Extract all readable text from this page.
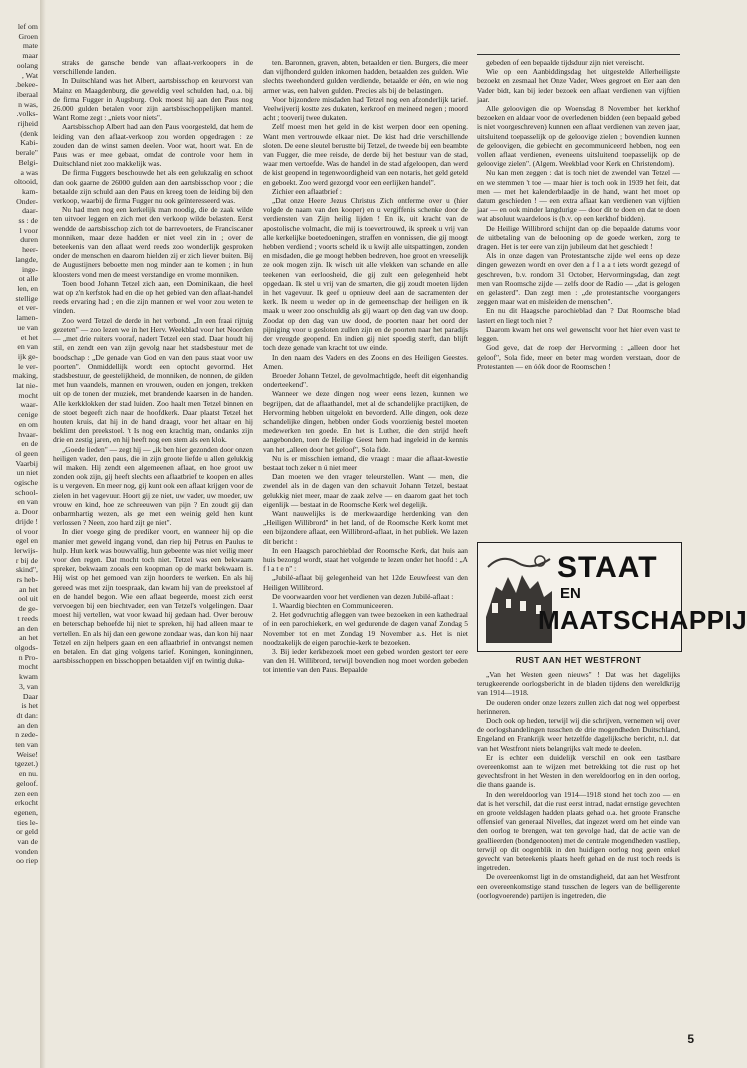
lef om

Groen

mate

maar

oolang

, Wat

.bekee-

iberaal

n was,

.volks-

rijheid

(denk

Kabi-

berale"

Belgi-

a was

oltooid,

kam-

Onder-

daar-

ss : de

l voor

duren

heer-

langde,

inge-

ot alle

len, en

stellige

et ver-

lamen-

ue van

et het

en van

ijk ge-

le ver-

making,

lat nie-

mocht

waar-

cenige

en om

hvaar-

en de

ol geen

Vaarbij

un niet

ogische

school-

en van

a. Door

drijde !

ol voor

egel en

lerwijs-

r bij de

skind",

rs heb-

an het

ool uit

de ge-

t reeds

an den

an het

olgods-

n Pro-

mocht

kwam

3, van

Daar

is het

dt dan:

an den

n zede-

ten van

Weise!

tgezet.)

en nu.

geloof.

zen een

erkocht

egenen,

ties le-

or geld

van de

vonden

oo riep

straks de gansche bende van aflaat-verkoopers in de verschillende landen.

In Duitschland was het Albert, aartsbisschop en keurvorst van Mainz en Maagdenburg, die geweldig veel schulden had, o.a. bij de firma Fugger in Augsburg. Ook moest hij aan den Paus nog 26.000 gulden betalen voor zijn aartsbisschoppelijken mantel. Want Rome zegt : „niets voor niets".

Aartsbisschop Albert had aan den Paus voorgesteld, dat hem de leiding van den aflaat-verkoop zou worden opgedragen : ze zouden dan de winst samen deelen. Voor wat, hoort wat. En de Paus was er mee gebaat, omdat de controle voor hem in Duitschland niet zoo makkelijk was.

De firma Fuggers beschouwde het als een gelukzalig en schoot dan ook gaarne de 26000 gulden aan den aartsbisschop voor ; die betaalde zijn schuld aan den Paus en kreeg toen de leiding bij den verkoop, waarbij de firma Fugger nu ook geïnteresseerd was.

Nu had men nog een kerkelijk man noodig, die de zaak wilde ten uitvoer leggen en zich met den verkoop wilde belasten. Eerst wendde de aartsbisschop zich tot de barrevoeters, de Franciscaner monniken, maar deze hadden er niet veel zin in ; over de beteekenis van den aflaat werd reeds zoo wonderlijk gesproken onder de menschen en daarom hielden zij er zich liever buiten. Bij de Augustijners beboette men nog minder aan te komen ; in hun kloosters vond men de meest verstandige en vrome monniken.

Toen bood Johann Tetzel zich aan, een Dominikaan, die heel wat op z'n kerfstok had en die op het gebied van den aflaat-handel reeds ervaring had ; en die zijn mannen er wel voor zou weten te vinden.

Zoo werd Tetzel de derde in het verbond. „In een fraai rijtuig gezeten" — zoo lezen we in het Herv. Weekblad voor het Noorden — „met drie ruiters vooraf, nadert Tetzel een stad. Daar houdt hij stil, en zendt een van zijn gevolg naar het stadsbestuur met de boodschap : „De genade van God en van den paus staat voor uw poorten". Onmiddellijk wordt een optocht gevormd. Het stadsbestuur, de geestelijkheid, de monniken, de nonnen, de gilden met hun vaandels, mannen en vrouwen, ouden en jongen, trekken uit op de tonen der muziek, met brandende kaarsen in de handen. Alle kerkklokken der stad luiden. Zoo haalt men Tetzel binnen en de stoet begeeft zich naar de hoofdkerk. Daar plaatst Tetzel het houten kruis, dat hij in de hand draagt, voor het altaar en hij beklimt den preekstoel. 't Is nog een krachtig man, ondanks zijn drie en zestig jaren, en hij heeft nog een stem als een klok.

„Goede lieden" — zegt hij — „ik ben hier gezonden door onzen heiligen vader, den paus, die in zijn groote liefde u allen gelukkig wil maken. Hij zendt een algemeenen aflaat, en hoe groot uw zonden ook zijn, gij heeft slechts een aflaatbrief te koopen en alles is u vergeven. En meer nog, gij kunt ook een aflaat krijgen voor de zielen in het vagevuur. Hoort gij ze niet, uw vader, uw moeder, uw vrouw en kind, hoe ze schreeuwen van pijn ? En zoudt gij dan onbarmhartig wezen, als ge met een weinig geld hen kunt verlossen ? Neen, zoo hard zijt ge niet".

In dier voege ging de prediker voort, en wanneer hij op die manier met geweld ingang vond, dan riep hij Petrus en Paulus te hulp. Hun kerk was bouwvallig, hun gebeente was niet veilig meer voor den regen. Dat mocht toch niet. Tetzel was een bekwaam spreker, bekwaam zooals een koopman op de markt bekwaam is. Hij wist op het gemoed van zijn hoorders te werken. En als hij gereed was met zijn toespraak, dan kwam hij van de preekstoel af en de handel begon. Wie een aflaat begeerde, moest zich eerst vervoegen bij een biechtvader, een van Tetzel's volgelingen. Daar moest hij vertellen, wat voor kwaad hij gedaan had. Over berouw en beterschap behoefde hij niet te spreken, hij had alleen maar te vertellen. En als hij dan een gewone zondaar was, dan kon hij naar Tetzel en zijn helpers gaan en een aflaatbrief in ontvangst nemen en betalen. En dat ging volgens tarief. Koningen, koninginnen, aartsbisschoppen en bisschoppen betaalden vijf en twintig duka-

ten. Baronnen, graven, abten, betaalden er tien. Burgers, die meer dan vijfhonderd gulden inkomen hadden, betaalden zes gulden. Wie slechts tweehonderd gulden verdiende, betaalde er één, en wie nog armer was, een halven gulden. Precies als bij de belastingen.

Voor bijzondere misdaden had Tetzel nog een afzonderlijk tarief. Veelwijverij kostte zes dukaten, kerkroof en meineed negen ; moord acht ; tooverij twee dukaten.

Zelf moest men het geld in de kist werpen door een opening. Want men vertrouwde elkaar niet. De kist had drie verschillende sloten. De eene sleutel berustte bij Tetzel, de tweede bij een beambte van Fugger, die mee reisde, de derde bij het bestuur van de stad, waar men vertoefde. Was de handel in de stad afgeloopen, dan werd de kist geopend in tegenwoordigheid van een notaris, het geld geteld en geboekt. Zoo werd gezorgd voor een eerlijken handel".

Zichier een aflaatbrief :

„Dat onze Heere Jezus Christus Zich ontferme over u (hier volgde de naam van den kooper) en u vergiffenis schenke door de verdiensten van Zijn heilig lijden ! En ik, uit kracht van de apostolische volmacht, die mij is toevertrouwd, ik spreek u vrij van alle kerkelijke boetedoeningen, straffen en vonnissen, die gij moogt hebben verdiend ; voorts scheld ik u kwijt alle uitspattingen, zonden en misdaden, die ge moogt hebben bedreven, hoe groot en vreeselijk ze ook mogen zijn. Ik wisch uit alle vlekken van schande en alle teekenen van eerloosheid, die gij zult een gelegenheid hebt opgedaan. Ik stel u vrij van de smarten, die gij zoudt moeten lijden in het vagevuur. Ik geef u opnieuw deel aan de sacramenten der kerk. Ik neem u weder op in de gemeenschap der heiligen en ik maak u weer zoo onschuldig als gij waart op den dag van uw doop. Zoodat op den dag van uw dood, de poorten naar het oord der pijniging voor u gesloten zullen zijn en de poorten naar het paradijs der vreugde geopend. En indien gij niet spoedig sterft, dan blijft toch deze genade van kracht tot uw einde.

In den naam des Vaders en des Zoons en des Heiligen Geestes. Amen.

Broeder Johann Tetzel, de gevolmachtigde, heeft dit eigenhandig onderteekend".

Wanneer we deze dingen nog weer eens lezen, kunnen we begrijpen, dat de aflaathandel, met al de schandelijke practijken, de Hervorming hebben uitgelokt en bevorderd. Alle dingen, ook deze schandelijke dingen, hebben onder Gods voorzienig bestel moeten medewerken ten goede. En het is Luther, die den strijd heeft aangebonden, toen de Heilige Geest hem had ingeleid in de kennis van het „alleen door het geloof", Sola fide.

Nu is er misschien iemand, die vraagt : maar die aflaat-kwestie bestaat toch zeker n ú niet meer

Dan moeten we den vrager teleurstellen. Want — men, die zwendel als in de dagen van den schavuit Johann Tetzel, bestaat gelukkig niet meer, maar de zaak zelve — en daarom gaat het toch eigenlijk — bestaat in de Roomsche Kerk wel degelijk.

Want nauwelijks is de merkwaardige herdenking van den „Heiligen Willibrord" in het land, of de Roomsche Kerk komt met een bijzondere aflaat, een Willibrord-aflaat, in het publiek. We lazen dit bericht :

In een Haagsch parochieblad der Roomsche Kerk, dat huis aan huis bezorgd wordt, staat het volgende te lezen onder het hoofd : „A f l a t e n" :

„Jubilé-aflaat bij gelegenheid van het 12de Eeuwfeest van den Heiligen Willibrord.

De voorwaarden voor het verdienen van dezen Jubilé-aflaat :

1. Waardig biechten en Communiceeren.

2. Het godvruchtig afleggen van twee bezoeken in een kathedraal of in een parochiekerk, en wel gedurende de dagen vanaf Zondag 5 November tot en met Zondag 19 November a.s. Het is niet noodzakelijk de eigen parochie-kerk te bezoeken.

3. Bij ieder kerkbezoek moet een gebed worden gestort ter eere van den H. Willibrord, terwijl bovendien nog moet worden gebeden tot intentie van den Paus. Bepaalde

gebeden of een bepaalde tijdsduur zijn niet vereischt.

Wie op een Aanbiddingsdag het uitgestelde Allerheiligste bezoekt en zesmaal het Onze Vader, Wees gegroet en Eer aan den Vader bidt, kan bij ieder bezoek een aflaat verdienen van vijftien jaar.

Alle geloovigen die op Woensdag 8 November het kerkhof bezoeken en aldaar voor de overledenen bidden (een bepaald gebed is niet voorgeschreven) kunnen een aflaat verdienen van zeven jaar, uitsluitend toepasselijk op de geloovige zielen ; bovendien kunnen de geloovigen, die gebiecht en gecommuniceerd hebben, nog een vollen aflaat verdienen, eveneens uitsluitend toepasselijk op de geloovige zielen". (Algem. Weekblad voor Kerk en Christendom).

Nu kan men zeggen : dat is toch niet de zwendel van Tetzel — en we stemmen 't toe — maar hier is toch ook in 1939 het feit, dat men — met het kalenderblaadje in de hand, want het moet op datum geschieden ! — een extra aflaat kan verdienen van vijftien jaar — en ook minder langdurige — door dit te doen en dat te doen wat absoluut waardeloos is (b.v. op een kerkhof bidden).

De Heilige Willibrord schijnt dan op die bepaalde datums voor de uitbetaling van de belooning op de goede werken, zorg te dragen. Het is ter eere van zijn jubileum dat het geschiedt !

Als in onze dagen van Protestantsche zijde wel eens op deze dingen gewezen wordt en over den a f l a a t iets wordt gezegd of geschreven, b.v. rondom 31 October, Hervormingsdag, dan zegt men van Roomsche zijde — zelfs door de Radio — „dat is gelogen en gelasterd". Dan zegt men : „de protestantsche voorgangers zeggen maar wat en misleiden de menschen".

En nu dit Haagsche parochieblad dan ? Dat Roomsche blad lastert en liegt toch niet ?

Daarom kwam het ons wel gewenscht voor het hier even vast te leggen.

God geve, dat de roep der Hervorming : „alleen door het geloof", Sola fide, meer en beter mag worden verstaan, door de Protestanten — en óók door de Roomschen !

STAAT
EN
MAATSCHAPPIJ
RUST AAN HET WESTFRONT

„Van het Westen geen nieuws" ! Dat was het dagelijks terugkeerende oorlogsbericht in de bladen tijdens den wereldkrijg van 1914—1918.

De ouderen onder onze lezers zullen zich dat nog wel opperbest herinneren.

Doch ook op heden, terwijl wij die schrijven, vernemen wij over de oorlogshandelingen tusschen de drie mogendheden Duitschland, Engeland en Frankrijk weer hetzelfde dagelijksche bericht, n.l. dat van het Westfront niets belangrijks valt mede te deelen.

Er is echter een duidelijk verschil en ook een tastbare overeenkomst aan te wijzen met betrekking tot die rust op het gevechtsfront in het Westen in den wereldoorlog en in den oorlog, die thans gaande is.

In den wereldoorlog van 1914—1918 stond het toch zoo — en dat is het verschil, dat die rust eerst intrad, nadat ernstige gevechten en groote veldslagen hadden plaats gehad o.a. het groote Fransche offensief van generaal Nivelles, dat ingezet werd om het einde van den oorlog te brengen, wat ten gevolge had, dat de actie van de geallieerden (bondgenooten) met de centrale mogendheden vastliep, terwijl op dit oogenblik in den huidigen oorlog nog geen enkel gevecht van beteekenis plaats heeft gehad en de rust toch reeds is ingetreden.

De overeenkomst ligt in de omstandigheid, dat aan het Westfront een overeenkomstige stand tusschen de legers van de belligerente (oorlogvoerende) partijen is ingetreden, die

5
